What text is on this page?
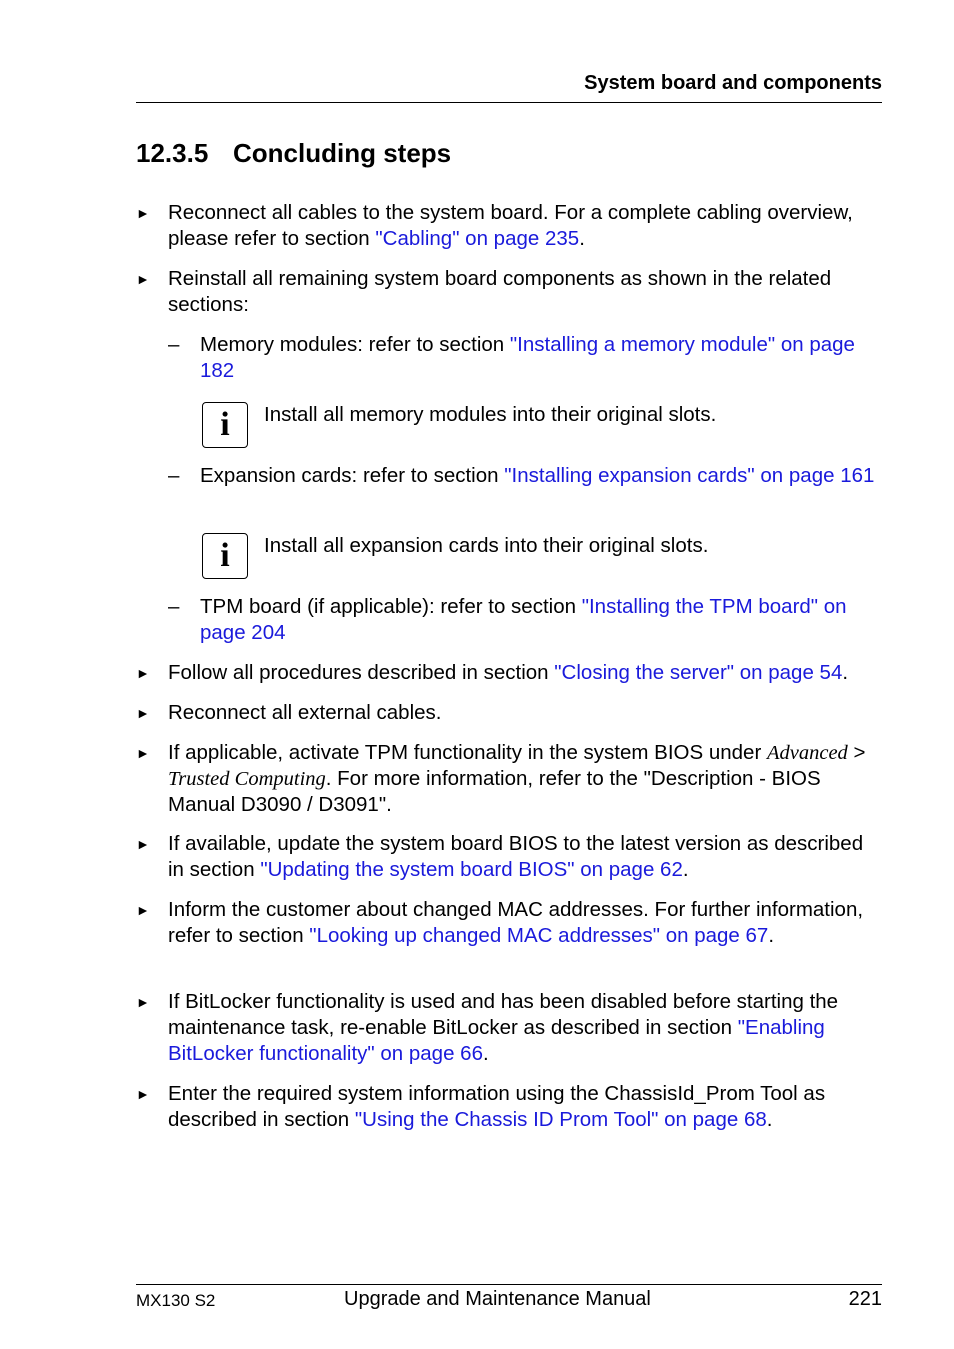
System board and components
12.3.5 Concluding steps
► Reconnect all cables to the system board. For a complete cabling overview, please refer to section "Cabling" on page 235.
► Reinstall all remaining system board components as shown in the related sections:
– Memory modules: refer to section "Installing a memory module" on page 182
i	Install all memory modules into their original slots.
– Expansion cards: refer to section "Installing expansion cards" on page 161
i	Install all expansion cards into their original slots.
– TPM board (if applicable): refer to section "Installing the TPM board" on page 204
► Follow all procedures described in section "Closing the server" on page 54.
► Reconnect all external cables.
► If applicable, activate TPM functionality in the system BIOS under Advanced > Trusted Computing. For more information, refer to the "Description - BIOS Manual D3090 / D3091".
► If available, update the system board BIOS to the latest version as described in section "Updating the system board BIOS" on page 62.
► Inform the customer about changed MAC addresses. For further information, refer to section "Looking up changed MAC addresses" on page 67.
► If BitLocker functionality is used and has been disabled before starting the maintenance task, re-enable BitLocker as described in section "Enabling BitLocker functionality" on page 66.
► Enter the required system information using the ChassisId_Prom Tool as described in section "Using the Chassis ID Prom Tool" on page 68.
MX130 S2	Upgrade and Maintenance Manual	221
